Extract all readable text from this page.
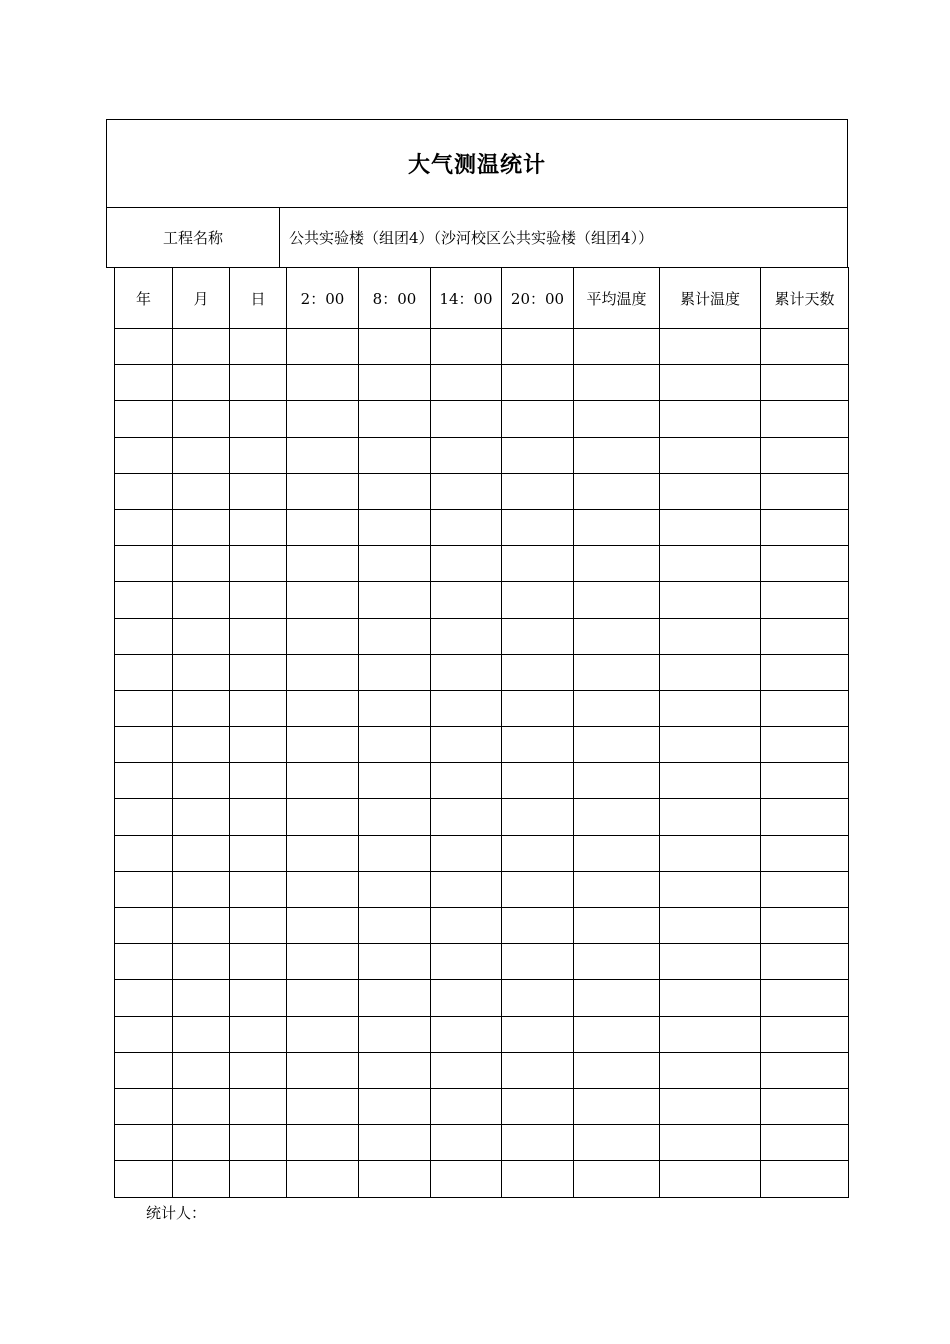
大气测温统计
工程名称	公共实验楼（组团4）（沙河校区公共实验楼（组团4））
年	月	日	2：00	8：00	14：00	20：00	平均温度	累计温度	累计天数

统计人：
